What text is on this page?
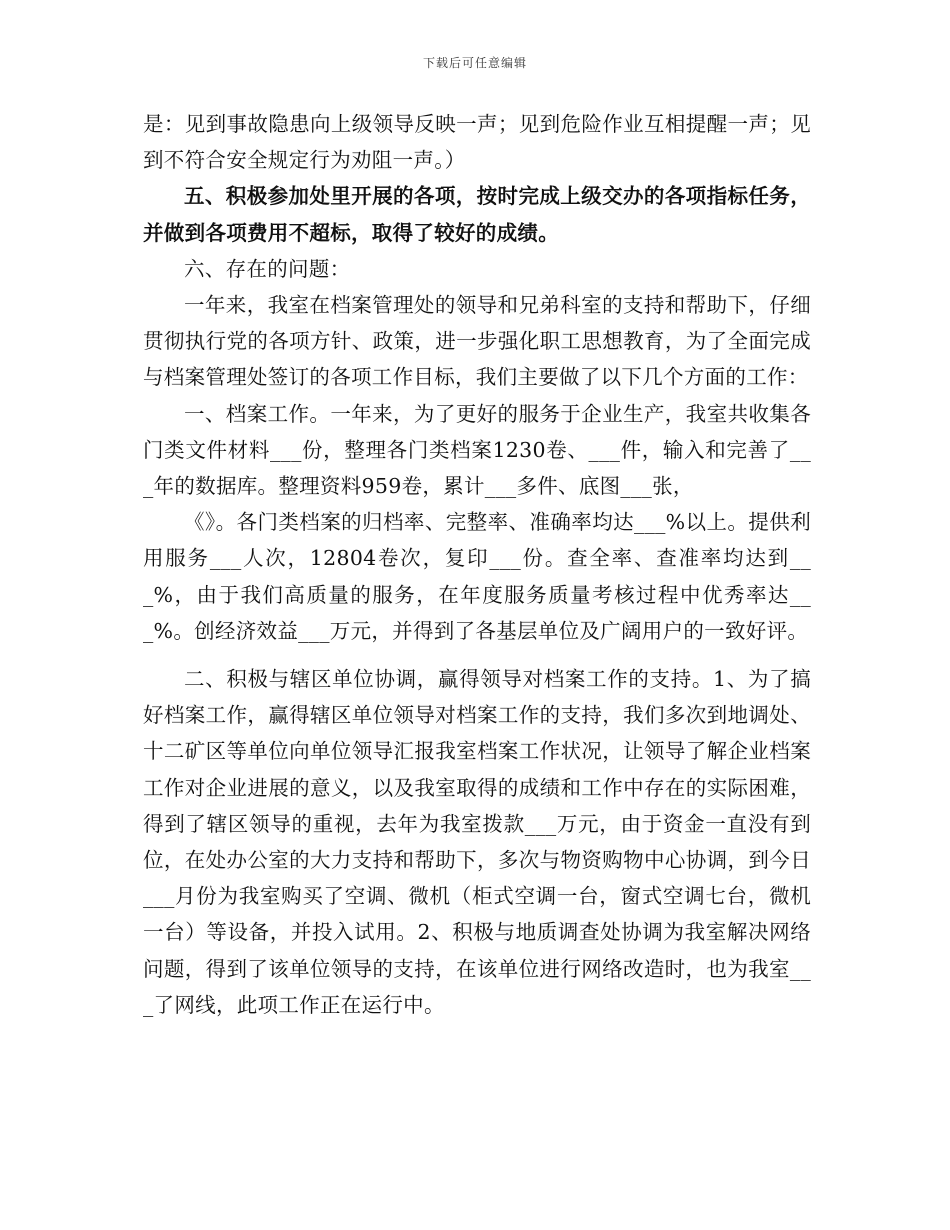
下载后可任意编辑

是：见到事故隐患向上级领导反映一声；见到危险作业互相提醒一声；见到不符合安全规定行为劝阻一声。）

五、积极参加处里开展的各项，按时完成上级交办的各项指标任务，并做到各项费用不超标，取得了较好的成绩。

六、存在的问题：

一年来，我室在档案管理处的领导和兄弟科室的支持和帮助下，仔细贯彻执行党的各项方针、政策，进一步强化职工思想教育，为了全面完成与档案管理处签订的各项工作目标，我们主要做了以下几个方面的工作：

一、档案工作。一年来，为了更好的服务于企业生产，我室共收集各门类文件材料___份，整理各门类档案1230卷、___件，输入和完善了___年的数据库。整理资料959卷，累计___多件、底图___张，

《》。各门类档案的归档率、完整率、准确率均达___%以上。提供利用服务___人次，12804卷次，复印___份。查全率、查准率均达到___%，由于我们高质量的服务，在年度服务质量考核过程中优秀率达___%。创经济效益___万元，并得到了各基层单位及广阔用户的一致好评。

二、积极与辖区单位协调，赢得领导对档案工作的支持。1、为了搞好档案工作，赢得辖区单位领导对档案工作的支持，我们多次到地调处、十二矿区等单位向单位领导汇报我室档案工作状况，让领导了解企业档案工作对企业进展的意义，以及我室取得的成绩和工作中存在的实际困难，得到了辖区领导的重视，去年为我室拨款___万元，由于资金一直没有到位，在处办公室的大力支持和帮助下，多次与物资购物中心协调，到今日___月份为我室购买了空调、微机（柜式空调一台，窗式空调七台，微机一台）等设备，并投入试用。2、积极与地质调查处协调为我室解决网络问题，得到了该单位领导的支持，在该单位进行网络改造时，也为我室___了网线，此项工作正在运行中。
